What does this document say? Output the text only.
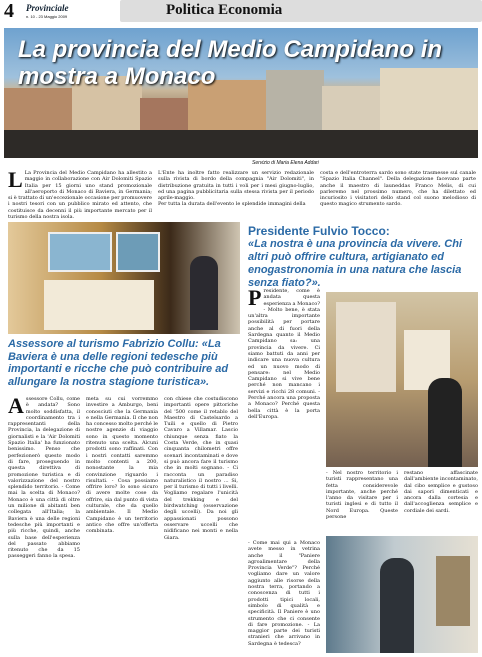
4 Provinciale
n. 10 - 23 Maggio 2009	Politica Economia
La provincia del Medio Campidano in mostra a Monaco
Servizio di Maria Elena Addari
L La Provincia del Medio Campidano ha allestito a maggio in collaborazione con Air Dolomiti Spazio Italia per 15 giorni uno stand promozionale all'aeroporto di Monaco di Baviera, in Germania; si è trattato di un'eccezionale occasione per promuovere i nostri tesori con un pubblico mirato ed attento, che costituisce da decenni il più importante mercato per il turismo della nostra isola.
L'Ente ha inoltre fatto realizzare un servizio redazionale sulla rivista di bordo della compagnia "Air Dolomiti", in distribuzione gratuita in tutti i voli per i mesi giugno-luglio, ed una pagina pubblicitaria sulla stessa rivista per il periodo aprile-maggio.
Per tutta la durata dell'evento le splendide immagini della
costa e dell'entroterra sardo sono state trasmesse sul canale "Spazio Italia Channel". Della delegazione facevano parte anche il maestro di launeddas Franco Melis, di cui parleremo nel prossimo numero, che ha dilettato ed incuriosito i visitatori dello stand col suono melodioso di questo magico strumento sardo.
Assessore al turismo Fabrizio Collu: «La Baviera è una delle regioni tedesche più importanti e ricche che può contribuire ad allungare la nostra stagione turistica».
Assessore Collu, come è andata? Sono molto soddisfatta, il coordinamento tra i rappresentanti della Provincia, la delegazione di giornalisti e la 'Air Dolomiti Spazio Italia' ha funzionato benissimo. Penso che perfezionerò questo modo di fare, proseguendo in questa direttiva di promozione turistica e di valorizzazione del nostro splendido territorio. - Come mai la scelta di Monaco? Monaco è una città di oltre un milione di abitanti ben collegata all'Italia; la Baviera è una delle regioni tedesche più importanti e più ricche, quindi, anche sulla base dell'esperienza del passato abbiamo ritenuto che da 15 passeggeri fanno la spesa.
meta su cui vorremmo investire a Amburgo, beni conosciuti che la Germania e nella Germania. Il che non ha concesso molto perché le nostre agenzie di viaggio sono in questo momento ritenuto una scelta. Alcuni prodotti sono raffinati. Con i nostri contatti saremmo molto contenti a 200, nonostante la mia convinzione riguardo i risultati. - Cosa possiamo offrire loro? Io sono sicuro di avere molte cose da offrire, sia dal punto di vista culturale, che da quello ambientale. Il Medio Campidano è un territorio antico che offre un'offerta combinata.
con chiese che costudiscono importanti opere pittoriche del '500 come il retablo del Maestro di Castelsardo a Tuili e quello di Pietro Cavaro a Villamar. Lascio chiunque senza fiato la Costa Verde, che in quasi cinquanta chilometri offre scenari incontaminati e dove si può ancora fare il turismo che in molti sognano. - Ci racconta un paradiso naturalistico il nostro ... Si, per il turismo di tutti i livelli. Vogliamo regalare l'unicità del trekking e del birdwatching (osservazione degli uccelli). Da noi gli appassionati possono osservare uccelli che nidificano nei monti e nella Giara.
Presidente Fulvio Tocco:
«La nostra è una provincia da vivere. Chi altri può offrire cultura, artigianato ed enogastronomia in una natura che lascia senza fiato?».
Presidente, come è andata questa esperienza a Monaco? - Molto bene, è stata un'altra importante possibilità per portare anche al di fuori della Sardegna quanto il Medio Campidano sa: una provincia da vivere. Ci siamo battuti da anni per indicare una nuova cultura ed un nuovo modo di pensare: nel Medio Campidano si vive bene perché non mancano i servizi e ricchi 28 comuni. - Perché ancora una proposta a Monaco? Perché questa bella città è la porta dell'Europa.
- Nel nostro territorio i turisti rappresentano una fetta considerevole importante, anche perché l'anno da visitare per i turisti inglesi e di tutto il Nord Europa. Queste persone
restano affascinate dall'ambiente incontaminato, dal cibo semplice e gustoso dai sapori dimenticati e ancora dalla cortesia e dall'accoglienza semplice e cordiale dei sardi.
- Come mai qui a Monaco avete messo in vetrina anche il "Paniere agroalimentare della Provincia Verde"? Perché vogliamo dare un valore aggiunto alle risorse della nostra terra, portando a conoscenza di tutti i prodotti tipici locali, simbolo di qualità e specificità. Il Paniere è uno strumento che ci consente di fare promozione. - La maggior parte dei turisti stranieri che arrivano in Sardegna è tedesca?
